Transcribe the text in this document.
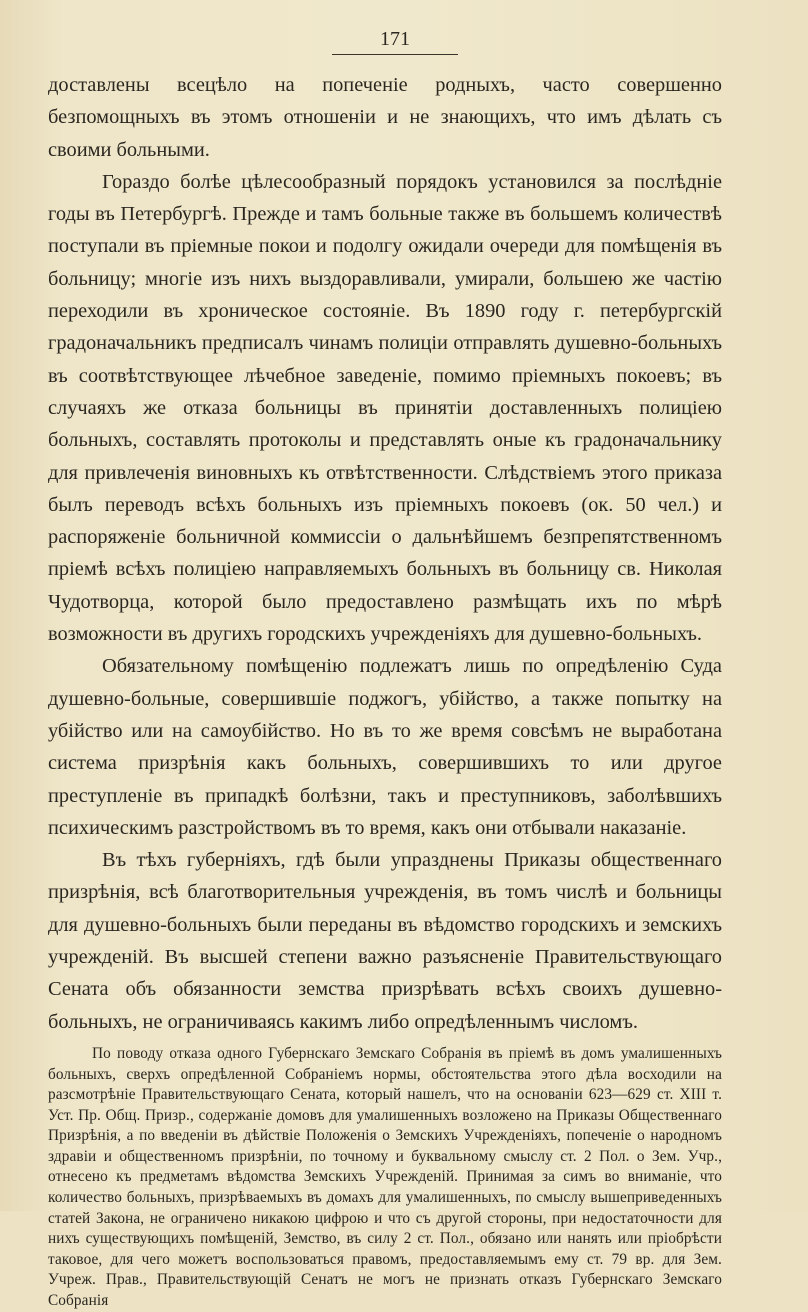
171

доставлены всецѣло на попеченіе родныхъ, часто совершенно безпомощныхъ въ этомъ отношеніи и не знающихъ, что имъ дѣлать съ своими больными.

Гораздо болѣе цѣлесообразный порядокъ установился за послѣдніе годы въ Петербургѣ. Прежде и тамъ больные также въ большемъ количествѣ поступали въ пріемные покои и подолгу ожидали очереди для помѣщенія въ больницу; многіе изъ нихъ выздоравливали, умирали, большею же частію переходили въ хроническое состояніе. Въ 1890 году г. петербургскій градоначальникъ предписалъ чинамъ полиціи отправлять душевно-больныхъ въ соотвѣтствующее лѣчебное заведеніе, помимо пріемныхъ покоевъ; въ случаяхъ же отказа больницы въ принятіи доставленныхъ полиціею больныхъ, составлять протоколы и представлять оные къ градоначальнику для привлеченія виновныхъ къ отвѣтственности. Слѣдствіемъ этого приказа былъ переводъ всѣхъ больныхъ изъ пріемныхъ покоевъ (ок. 50 чел.) и распоряженіе больничной коммиссіи о дальнѣйшемъ безпрепятственномъ пріемѣ всѣхъ полиціею направляемыхъ больныхъ въ больницу св. Николая Чудотворца, которой было предоставлено размѣщать ихъ по мѣрѣ возможности въ другихъ городскихъ учрежденіяхъ для душевно-больныхъ.

Обязательному помѣщенію подлежатъ лишь по опредѣленію Суда душевно-больные, совершившіе поджогъ, убійство, а также попытку на убійство или на самоубійство. Но въ то же время совсѣмъ не выработана система призрѣнія какъ больныхъ, совершившихъ то или другое преступленіе въ припадкѣ болѣзни, такъ и преступниковъ, заболѣвшихъ психическимъ разстройствомъ въ то время, какъ они отбывали наказаніе.

Въ тѣхъ губерніяхъ, гдѣ были упразднены Приказы общественнаго призрѣнія, всѣ благотворительныя учрежденія, въ томъ числѣ и больницы для душевно-больныхъ были переданы въ вѣдомство городскихъ и земскихъ учрежденій. Въ высшей степени важно разъясненіе Правительствующаго Сената объ обязанности земства призрѣвать всѣхъ своихъ душевно-больныхъ, не ограничиваясь какимъ либо опредѣленнымъ числомъ.

По поводу отказа одного Губернскаго Земскаго Собранія въ пріемѣ въ домъ умалишенныхъ больныхъ, сверхъ опредѣленной Собраніемъ нормы, обстоятельства этого дѣла восходили на разсмотрѣніе Правительствующаго Сената, который нашелъ, что на основаніи 623—629 ст. XIII т. Уст. Пр. Общ. Призр., содержаніе домовъ для умалишенныхъ возложено на Приказы Общественнаго Призрѣнія, а по введеніи въ дѣйствіе Положенія о Земскихъ Учрежденіяхъ, попеченіе о народномъ здравіи и общественномъ призрѣніи, по точному и буквальному смыслу ст. 2 Пол. о Зем. Учр., отнесено къ предметамъ вѣдомства Земскихъ Учрежденій. Принимая за симъ во вниманіе, что количество больныхъ, призрѣваемыхъ въ домахъ для умалишенныхъ, по смыслу вышеприведенныхъ статей Закона, не ограничено никакою цифрою и что съ другой стороны, при недостаточности для нихъ существующихъ помѣщеній, Земство, въ силу 2 ст. Пол., обязано или нанять или пріобрѣсти таковое, для чего можетъ воспользоваться правомъ, предоставляемымъ ему ст. 79 вр. для Зем. Учреж. Прав., Правительствующій Сенатъ не могъ не признать отказъ Губернскаго Земскаго Собранія
